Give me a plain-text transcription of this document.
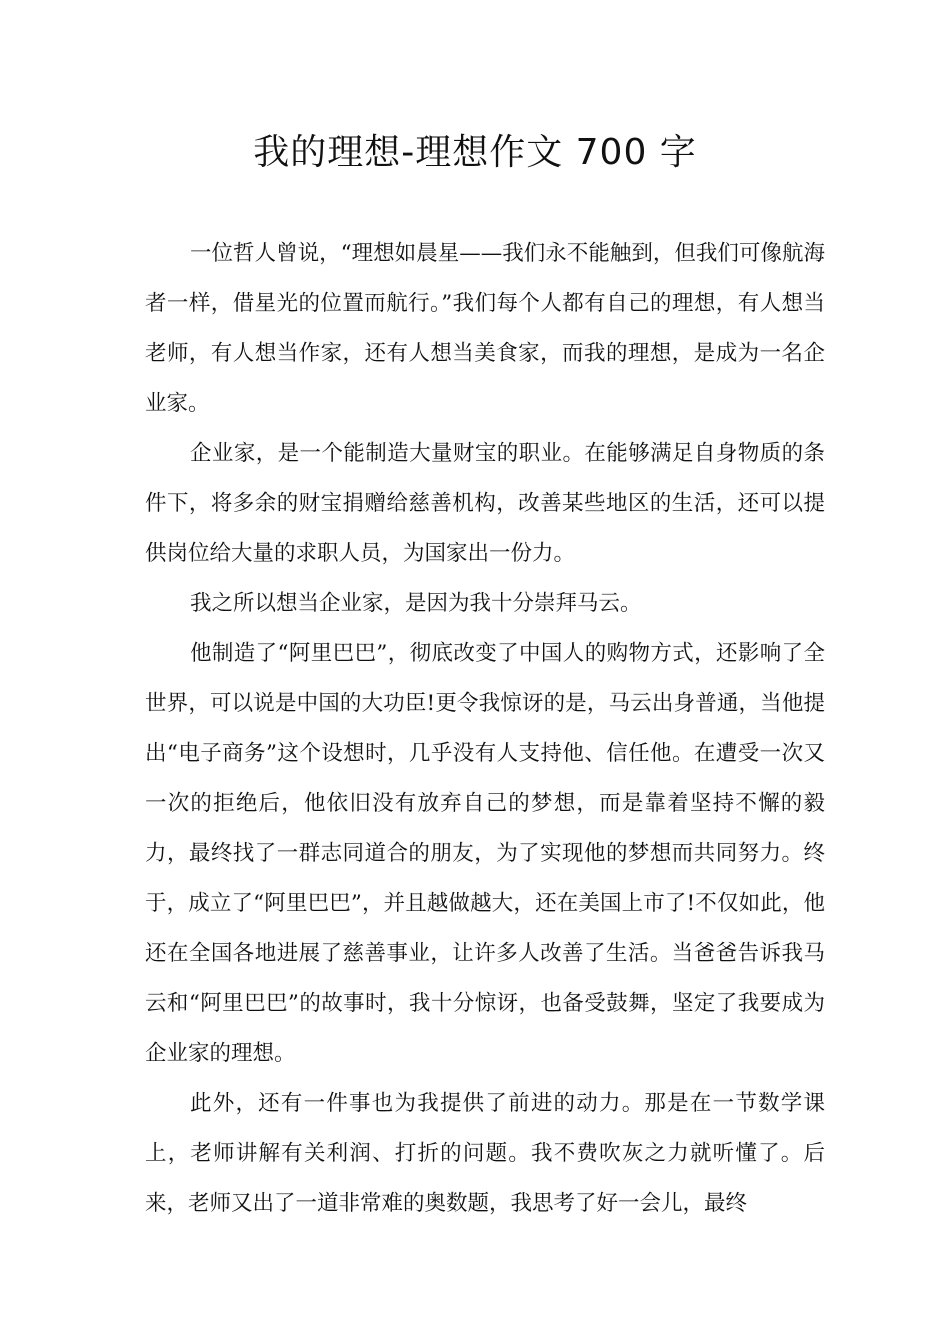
我的理想-理想作文 700 字

一位哲人曾说，“理想如晨星——我们永不能触到，但我们可像航海者一样，借星光的位置而航行。”我们每个人都有自己的理想，有人想当老师，有人想当作家，还有人想当美食家，而我的理想，是成为一名企业家。

企业家，是一个能制造大量财宝的职业。在能够满足自身物质的条件下，将多余的财宝捐赠给慈善机构，改善某些地区的生活，还可以提供岗位给大量的求职人员，为国家出一份力。

我之所以想当企业家，是因为我十分崇拜马云。

他制造了“阿里巴巴”，彻底改变了中国人的购物方式，还影响了全世界，可以说是中国的大功臣!更令我惊讶的是，马云出身普通，当他提出“电子商务”这个设想时，几乎没有人支持他、信任他。在遭受一次又一次的拒绝后，他依旧没有放弃自己的梦想，而是靠着坚持不懈的毅力，最终找了一群志同道合的朋友，为了实现他的梦想而共同努力。终于，成立了“阿里巴巴”，并且越做越大，还在美国上市了!不仅如此，他还在全国各地进展了慈善事业，让许多人改善了生活。当爸爸告诉我马云和“阿里巴巴”的故事时，我十分惊讶，也备受鼓舞，坚定了我要成为企业家的理想。

此外，还有一件事也为我提供了前进的动力。那是在一节数学课上，老师讲解有关利润、打折的问题。我不费吹灰之力就听懂了。后来，老师又出了一道非常难的奥数题，我思考了好一会儿，最终
